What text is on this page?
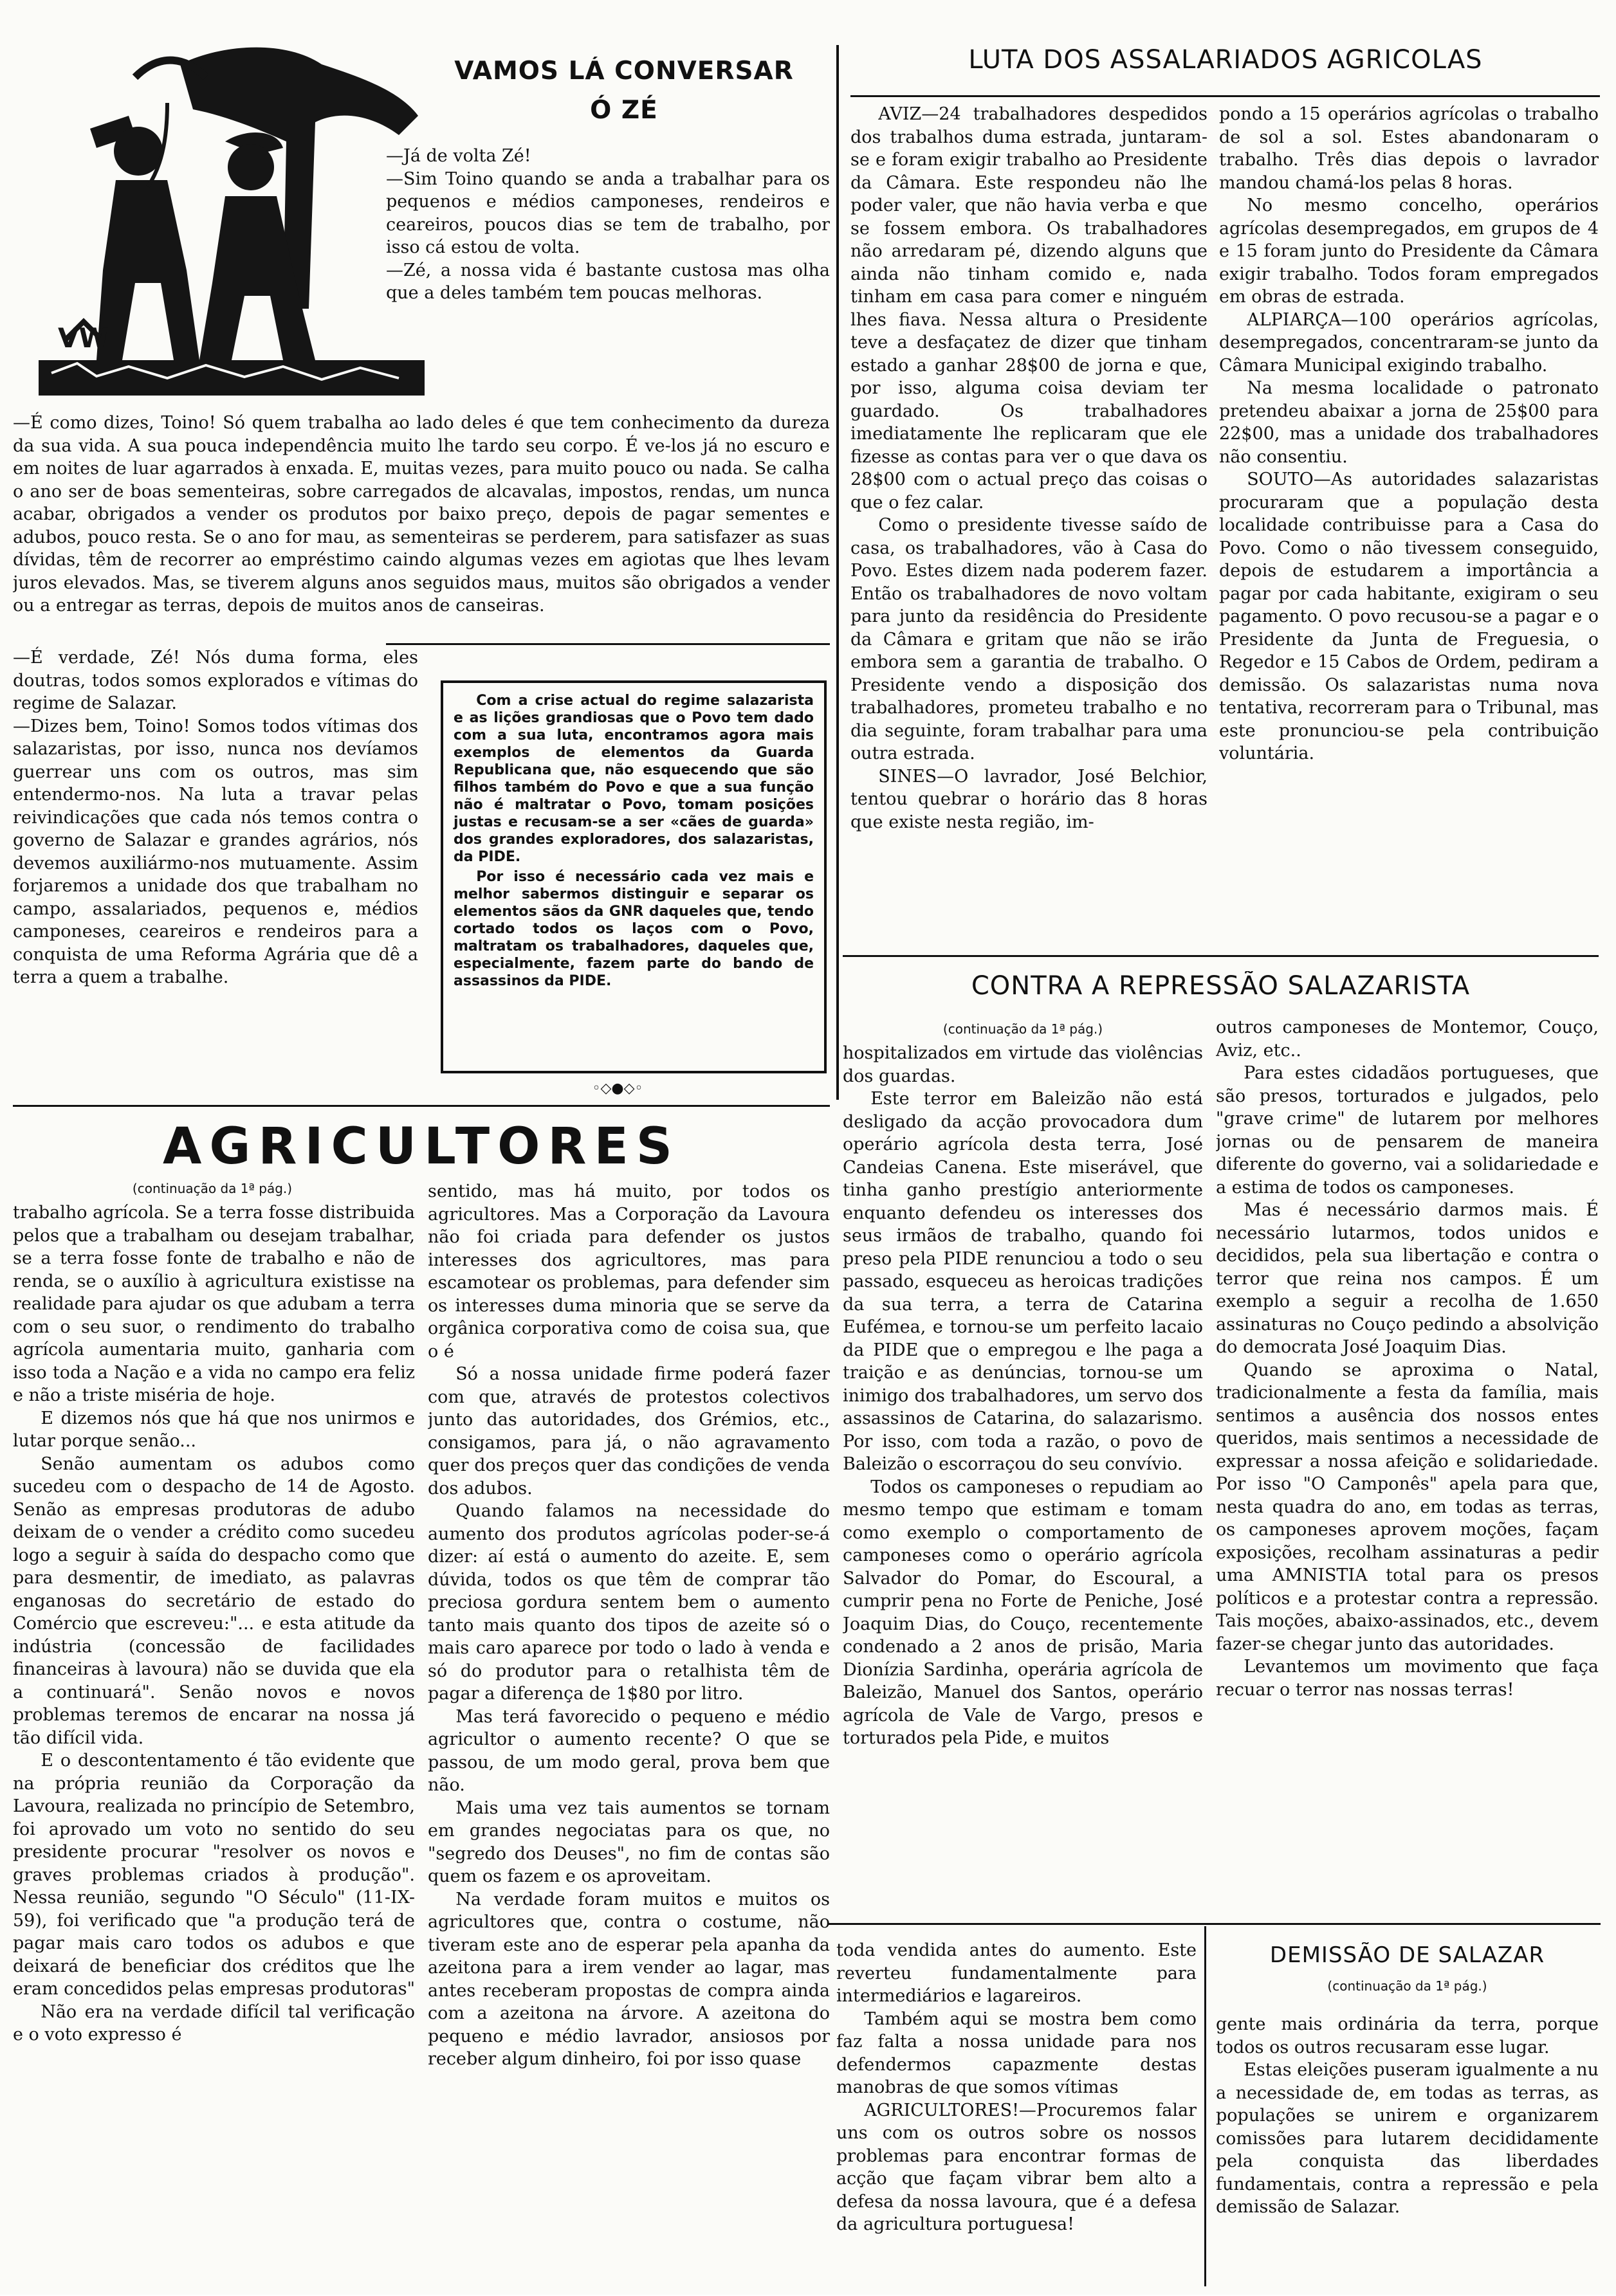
VW

VAMOS LÁ CONVERSAR

Ó ZÉ

—Já de volta Zé!

—Sim Toino quando se anda a trabalhar para os pequenos e médios camponeses, rendeiros e ceareiros, poucos dias se tem de trabalho, por isso cá estou de volta.

—Zé, a nossa vida é bastante custosa mas olha que a deles também tem poucas melhoras.

—É como dizes, Toino! Só quem trabalha ao lado deles é que tem conhecimento da dureza da sua vida. A sua pouca independência muito lhe tardo seu corpo. É ve-los já no escuro e em noites de luar agarrados à enxada. E, muitas vezes, para muito pouco ou nada. Se calha o ano ser de boas sementeiras, sobre carregados de alcavalas, impostos, rendas, um nunca acabar, obrigados a vender os produtos por baixo preço, depois de pagar sementes e adubos, pouco resta. Se o ano for mau, as sementeiras se perderem, para satisfazer as suas dívidas, têm de recorrer ao empréstimo caindo algumas vezes em agiotas que lhes levam juros elevados. Mas, se tiverem alguns anos seguidos maus, muitos são obrigados a vender ou a entregar as terras, depois de muitos anos de canseiras.

—É verdade, Zé! Nós duma forma, eles doutras, todos somos explorados e vítimas do regime de Salazar.

—Dizes bem, Toino! Somos todos vítimas dos salazaristas, por isso, nunca nos devíamos guerrear uns com os outros, mas sim entendermo-nos. Na luta a travar pelas reivindicações que cada nós temos contra o governo de Salazar e grandes agrários, nós devemos auxiliármo-nos mutuamente. Assim forjaremos a unidade dos que trabalham no campo, assalariados, pequenos e, médios camponeses, ceareiros e rendeiros para a conquista de uma Reforma Agrária que dê a terra a quem a trabalhe.

Com a crise actual do regime salazarista e as lições grandiosas que o Povo tem dado com a sua luta, encontramos agora mais exemplos de elementos da Guarda Republicana que, não esquecendo que são filhos também do Povo e que a sua função não é maltratar o Povo, tomam posições justas e recusam-se a ser «cães de guarda» dos grandes exploradores, dos salazaristas, da PIDE.

Por isso é necessário cada vez mais e melhor sabermos distinguir e separar os elementos sãos da GNR daqueles que, tendo cortado todos os laços com o Povo, maltratam os trabalhadores, daqueles que, especialmente, fazem parte do bando de assassinos da PIDE.

◦◇●◇◦

LUTA DOS ASSALARIADOS AGRICOLAS

AVIZ—24 trabalhadores despedidos dos trabalhos duma estrada, juntaram-se e foram exigir trabalho ao Presidente da Câmara. Este respondeu não lhe poder valer, que não havia verba e que se fossem embora. Os trabalhadores não arredaram pé, dizendo alguns que ainda não tinham comido e, nada tinham em casa para comer e ninguém lhes fiava. Nessa altura o Presidente teve a desfaçatez de dizer que tinham estado a ganhar 28$00 de jorna e que, por isso, alguma coisa deviam ter guardado. Os trabalhadores imediatamente lhe replicaram que ele fizesse as contas para ver o que dava os 28$00 com o actual preço das coisas o que o fez calar.

Como o presidente tivesse saído de casa, os trabalhadores, vão à Casa do Povo. Estes dizem nada poderem fazer. Então os trabalhadores de novo voltam para junto da residência do Presidente da Câmara e gritam que não se irão embora sem a garantia de trabalho. O Presidente vendo a disposição dos trabalhadores, prometeu trabalho e no dia seguinte, foram trabalhar para uma outra estrada.

SINES—O lavrador, José Belchior, tentou quebrar o horário das 8 horas que existe nesta região, im-

pondo a 15 operários agrícolas o trabalho de sol a sol. Estes abandonaram o trabalho. Três dias depois o lavrador mandou chamá-los pelas 8 horas.

No mesmo concelho, operários agrícolas desempregados, em grupos de 4 e 15 foram junto do Presidente da Câmara exigir trabalho. Todos foram empregados em obras de estrada.

ALPIARÇA—100 operários agrícolas, desempregados, concentraram-se junto da Câmara Municipal exigindo trabalho.

Na mesma localidade o patronato pretendeu abaixar a jorna de 25$00 para 22$00, mas a unidade dos trabalhadores não consentiu.

SOUTO—As autoridades salazaristas procuraram que a população desta localidade contribuisse para a Casa do Povo. Como o não tivessem conseguido, depois de estudarem a importância a pagar por cada habitante, exigiram o seu pagamento. O povo recusou-se a pagar e o Presidente da Junta de Freguesia, o Regedor e 15 Cabos de Ordem, pediram a demissão. Os salazaristas numa nova tentativa, recorreram para o Tribunal, mas este pronunciou-se pela contribuição voluntária.

CONTRA A REPRESSÃO SALAZARISTA

(continuação da 1ª pág.)

hospitalizados em virtude das violências dos guardas.

Este terror em Baleizão não está desligado da acção provocadora dum operário agrícola desta terra, José Candeias Canena. Este miserável, que tinha ganho prestígio anteriormente enquanto defendeu os interesses dos seus irmãos de trabalho, quando foi preso pela PIDE renunciou a todo o seu passado, esqueceu as heroicas tradições da sua terra, a terra de Catarina Eufémea, e tornou-se um perfeito lacaio da PIDE que o empregou e lhe paga a traição e as denúncias, tornou-se um inimigo dos trabalhadores, um servo dos assassinos de Catarina, do salazarismo. Por isso, com toda a razão, o povo de Baleizão o escorraçou do seu convívio.

Todos os camponeses o repudiam ao mesmo tempo que estimam e tomam como exemplo o comportamento de camponeses como o operário agrícola Salvador do Pomar, do Escoural, a cumprir pena no Forte de Peniche, José Joaquim Dias, do Couço, recentemente condenado a 2 anos de prisão, Maria Dionízia Sardinha, operária agrícola de Baleizão, Manuel dos Santos, operário agrícola de Vale de Vargo, presos e torturados pela Pide, e muitos

outros camponeses de Montemor, Couço, Aviz, etc..

Para estes cidadãos portugueses, que são presos, torturados e julgados, pelo "grave crime" de lutarem por melhores jornas ou de pensarem de maneira diferente do governo, vai a solidariedade e a estima de todos os camponeses.

Mas é necessário darmos mais. É necessário lutarmos, todos unidos e decididos, pela sua libertação e contra o terror que reina nos campos. É um exemplo a seguir a recolha de 1.650 assinaturas no Couço pedindo a absolvição do democrata José Joaquim Dias.

Quando se aproxima o Natal, tradicionalmente a festa da família, mais sentimos a ausência dos nossos entes queridos, mais sentimos a necessidade de expressar a nossa afeição e solidariedade. Por isso "O Camponês" apela para que, nesta quadra do ano, em todas as terras, os camponeses aprovem moções, façam exposições, recolham assinaturas a pedir uma AMNISTIA total para os presos políticos e a protestar contra a repressão. Tais moções, abaixo-assinados, etc., devem fazer-se chegar junto das autoridades.

Levantemos um movimento que faça recuar o terror nas nossas terras!

AGRICULTORES

(continuação da 1ª pág.)

trabalho agrícola. Se a terra fosse distribuida pelos que a trabalham ou desejam trabalhar, se a terra fosse fonte de trabalho e não de renda, se o auxílio à agricultura existisse na realidade para ajudar os que adubam a terra com o seu suor, o rendimento do trabalho agrícola aumentaria muito, ganharia com isso toda a Nação e a vida no campo era feliz e não a triste miséria de hoje.

E dizemos nós que há que nos unirmos e lutar porque senão...

Senão aumentam os adubos como sucedeu com o despacho de 14 de Agosto. Senão as empresas produtoras de adubo deixam de o vender a crédito como sucedeu logo a seguir à saída do despacho como que para desmentir, de imediato, as palavras enganosas do secretário de estado do Comércio que escreveu:"... e esta atitude da indústria (concessão de facilidades financeiras à lavoura) não se duvida que ela a continuará". Senão novos e novos problemas teremos de encarar na nossa já tão difícil vida.

E o descontentamento é tão evidente que na própria reunião da Corporação da Lavoura, realizada no princípio de Setembro, foi aprovado um voto no sentido do seu presidente procurar "resolver os novos e graves problemas criados à produção". Nessa reunião, segundo "O Século" (11-IX-59), foi verificado que "a produção terá de pagar mais caro todos os adubos e que deixará de beneficiar dos créditos que lhe eram concedidos pelas empresas produtoras"

Não era na verdade difícil tal verificação e o voto expresso é

sentido, mas há muito, por todos os agricultores. Mas a Corporação da Lavoura não foi criada para defender os justos interesses dos agricultores, mas para escamotear os problemas, para defender sim os interesses duma minoria que se serve da orgânica corporativa como de coisa sua, que o é

Só a nossa unidade firme poderá fazer com que, através de protestos colectivos junto das autoridades, dos Grémios, etc., consigamos, para já, o não agravamento quer dos preços quer das condições de venda dos adubos.

Quando falamos na necessidade do aumento dos produtos agrícolas poder-se-á dizer: aí está o aumento do azeite. E, sem dúvida, todos os que têm de comprar tão preciosa gordura sentem bem o aumento tanto mais quanto dos tipos de azeite só o mais caro aparece por todo o lado à venda e só do produtor para o retalhista têm de pagar a diferença de 1$80 por litro.

Mas terá favorecido o pequeno e médio agricultor o aumento recente? O que se passou, de um modo geral, prova bem que não.

Mais uma vez tais aumentos se tornam em grandes negociatas para os que, no "segredo dos Deuses", no fim de contas são quem os fazem e os aproveitam.

Na verdade foram muitos e muitos os agricultores que, contra o costume, não tiveram este ano de esperar pela apanha da azeitona para a irem vender ao lagar, mas antes receberam propostas de compra ainda com a azeitona na árvore. A azeitona do pequeno e médio lavrador, ansiosos por receber algum dinheiro, foi por isso quase

toda vendida antes do aumento. Este reverteu fundamentalmente para intermediários e lagareiros.

Também aqui se mostra bem como faz falta a nossa unidade para nos defendermos capazmente destas manobras de que somos vítimas

AGRICULTORES!—Procuremos falar uns com os outros sobre os nossos problemas para encontrar formas de acção que façam vibrar bem alto a defesa da nossa lavoura, que é a defesa da agricultura portuguesa!

DEMISSÃO DE SALAZAR

(continuação da 1ª pág.)

gente mais ordinária da terra, porque todos os outros recusaram esse lugar.

Estas eleições puseram igualmente a nu a necessidade de, em todas as terras, as populações se unirem e organizarem comissões para lutarem decididamente pela conquista das liberdades fundamentais, contra a repressão e pela demissão de Salazar.
